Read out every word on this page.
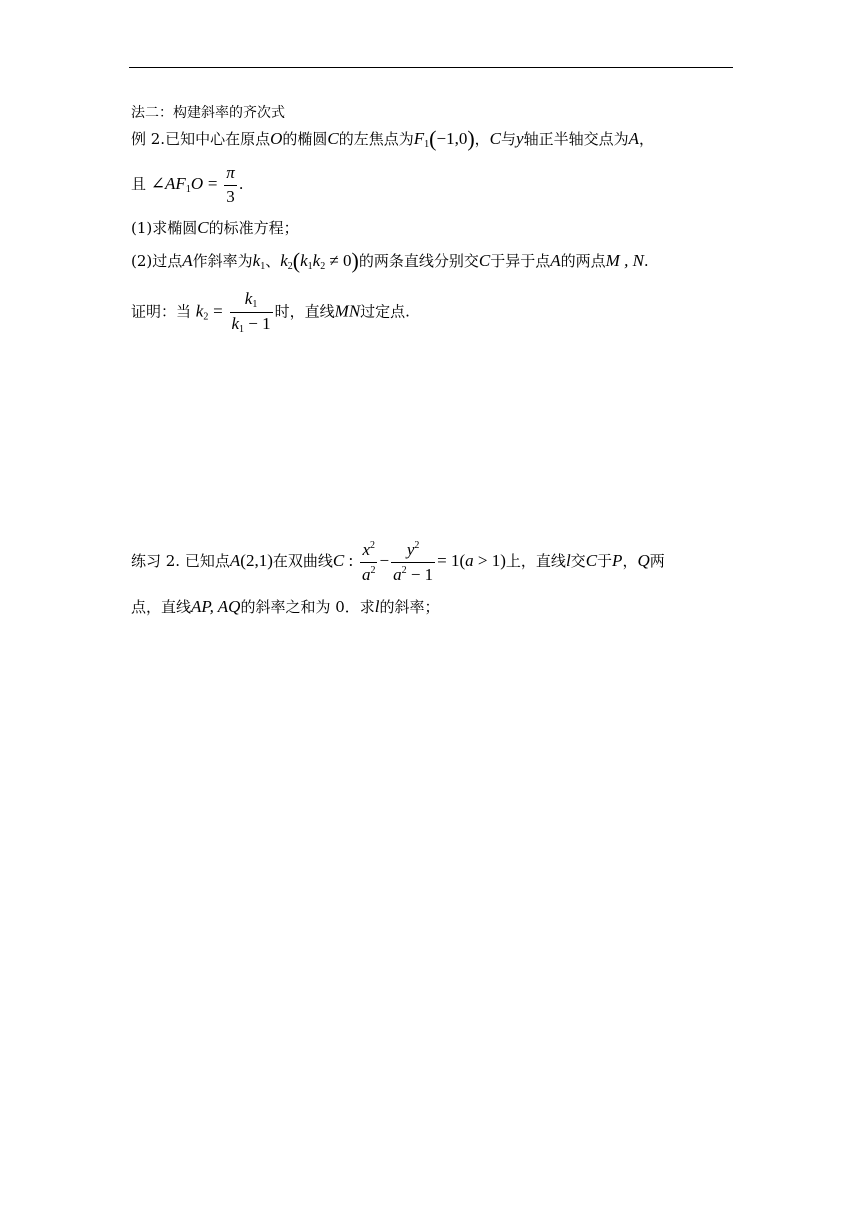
法二：构建斜率的齐次式
例 2.已知中心在原点O的椭圆C的左焦点为$F_1(-1,0)$，C与y轴正半轴交点为A，
且 $\angle AF_1O = \frac{\pi}{3}$ .
(1)求椭圆C的标准方程；
(2)过点A作斜率为$k_1$、$k_2(k_1k_2 \ne 0)$的两条直线分别交C于异于点A的两点M , N.
证明：当 $k_2 = \frac{k_1}{k_1 - 1}$ 时，直线MN过定点.
练习 2. 已知点A(2,1)在双曲线C : $\frac{x^2}{a^2} - \frac{y^2}{a^2 - 1} = 1(a > 1)$上，直线l交C于P，Q两
点，直线AP, AQ的斜率之和为 0．求l的斜率；
